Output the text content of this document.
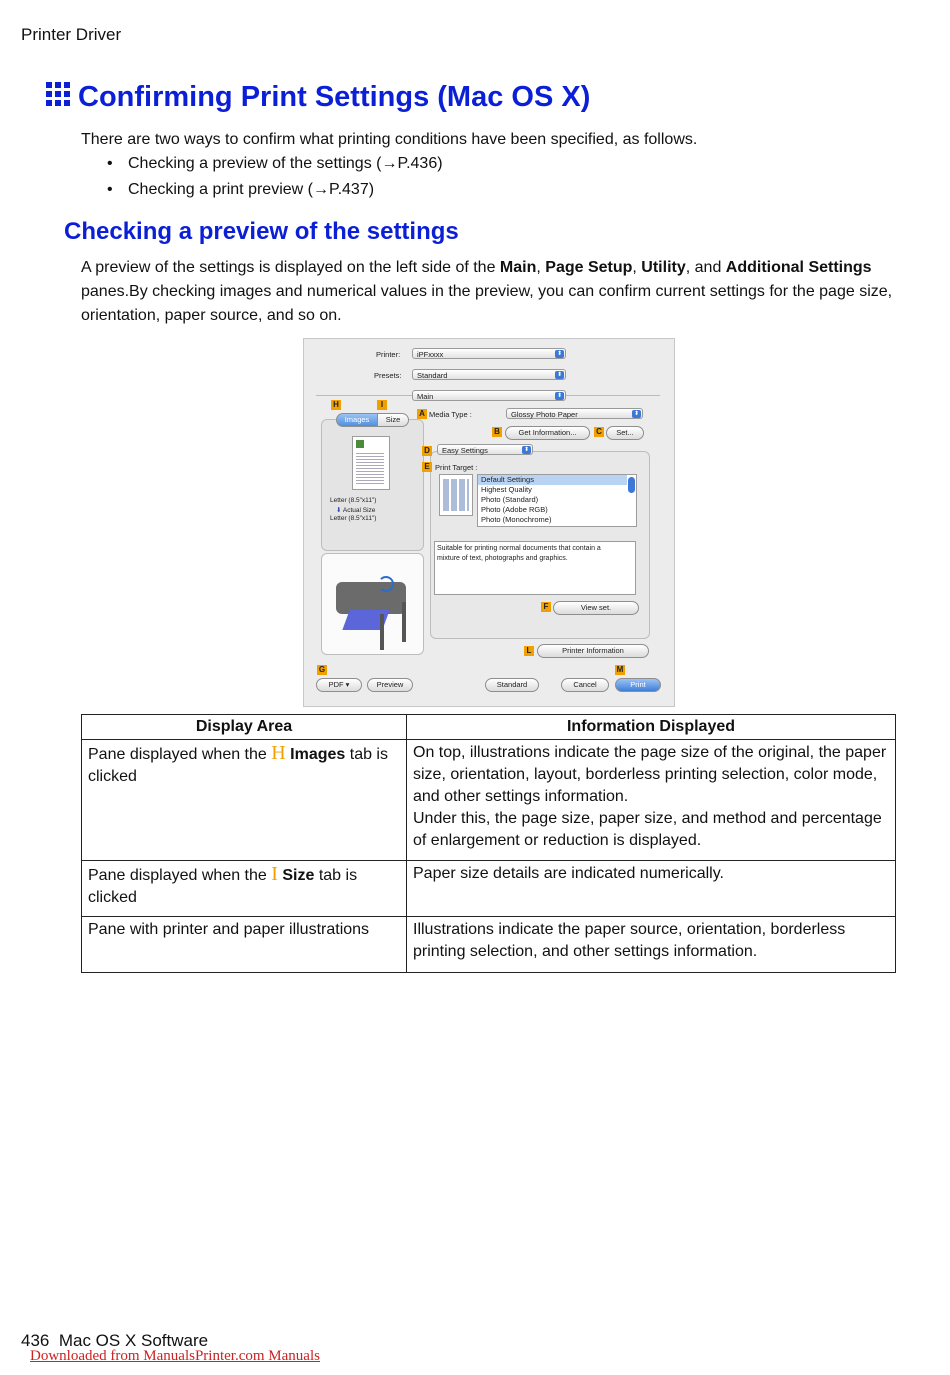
Printer Driver
Confirming Print Settings (Mac OS X)
There are two ways to confirm what printing conditions have been specified, as follows.
• Checking a preview of the settings (→P.436)
• Checking a print preview (→P.437)
Checking a preview of the settings
A preview of the settings is displayed on the left side of the Main, Page Setup, Utility, and Additional Settings panes.By checking images and numerical values in the preview, you can confirm current settings for the page size, orientation, paper source, and so on.
Printer:	iPFxxxx	⬍
Presets:	Standard	⬍
Main	⬍
H	I
Images	Size
Letter (8.5"x11")
⬇ Actual Size
Letter (8.5"x11")
A Media Type :	Glossy Photo Paper	⬍
B	Get Information...	C	Set...
D	Easy Settings	⬍
E Print Target :
Default Settings
Highest Quality
Photo (Standard)
Photo (Adobe RGB)
Photo (Monochrome)
Suitable for printing normal documents that contain a mixture of text, photographs and graphics.
F	View set.
L	Printer Information
G
PDF ▾	Preview	Standard	Cancel
M
Print
Display Area	Information Displayed
Pane displayed when the H Images tab is clicked	On top, illustrations indicate the page size of the original, the paper size, orientation, layout, borderless printing selection, color mode, and other settings information.
Under this, the page size, paper size, and method and percentage of enlargement or reduction is displayed.

Pane displayed when the I Size tab is clicked	Paper size details are indicated numerically.

Pane with printer and paper illustrations	Illustrations indicate the paper source, orientation, borderless printing selection, and other settings information.
436 Mac OS X Software
Downloaded from ManualsPrinter.com Manuals
